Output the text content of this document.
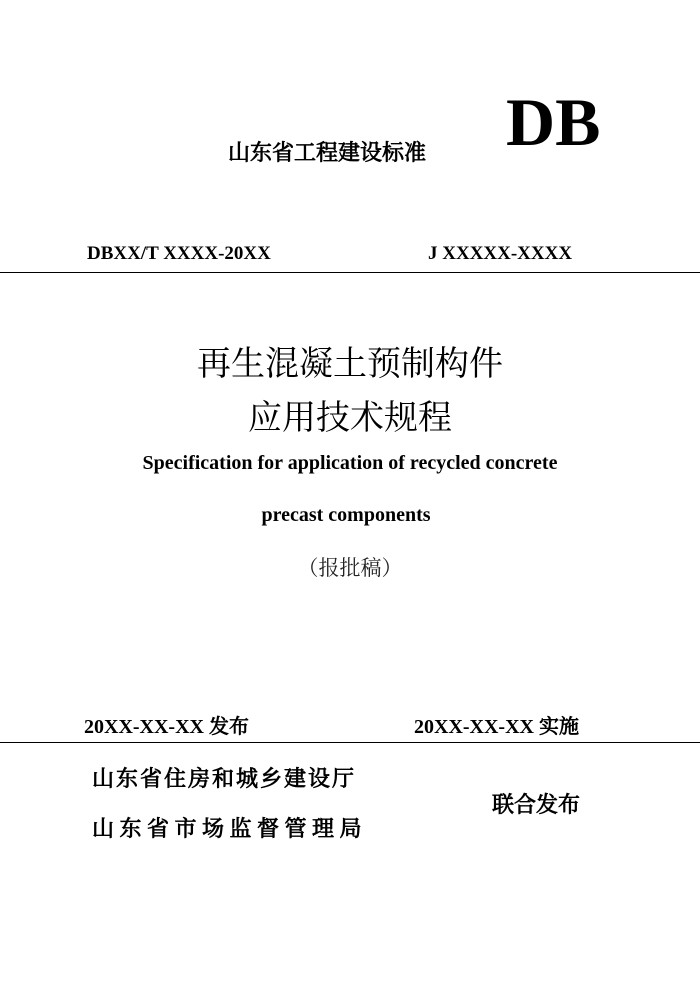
山东省工程建设标准 DB
DBXX/T XXXX-20XX	J XXXXX-XXXX
再生混凝土预制构件
应用技术规程
Specification for application of recycled concrete
precast components
（报批稿）
20XX-XX-XX 发布	20XX-XX-XX 实施
山东省住房和城乡建设厅
山东省市场监督管理局
联合发布
